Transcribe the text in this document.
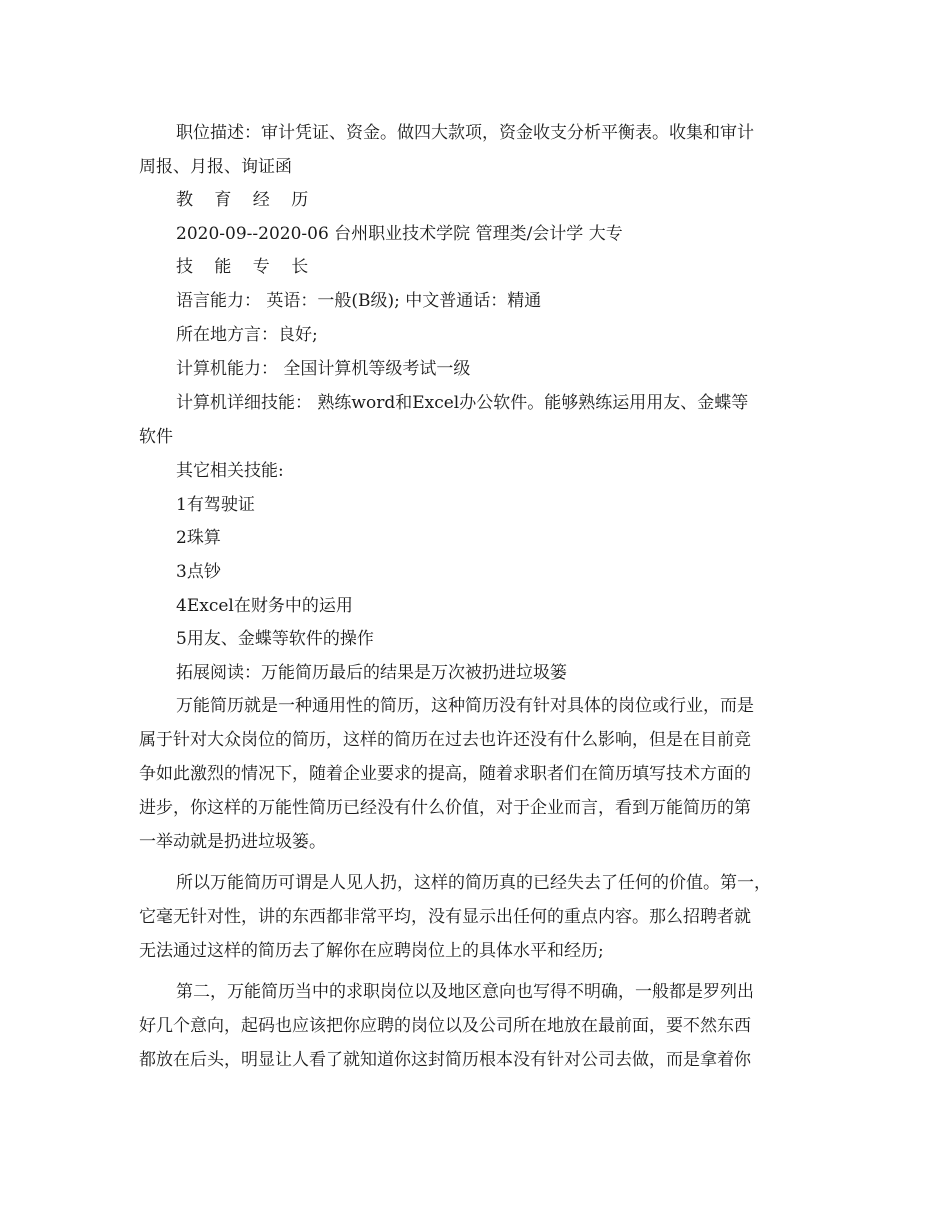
职位描述：审计凭证、资金。做四大款项，资金收支分析平衡表。收集和审计
周报、月报、询证函
教 育 经 历
2020-09--2020-06 台州职业技术学院 管理类/会计学 大专
技 能 专 长
语言能力： 英语：一般(B级); 中文普通话：精通
所在地方言：良好;
计算机能力： 全国计算机等级考试一级
计算机详细技能： 熟练word和Excel办公软件。能够熟练运用用友、金蝶等
软件
其它相关技能:
1有驾驶证
2珠算
3点钞
4Excel在财务中的运用
5用友、金蝶等软件的操作
拓展阅读：万能简历最后的结果是万次被扔进垃圾篓
万能简历就是一种通用性的简历，这种简历没有针对具体的岗位或行业，而是
属于针对大众岗位的简历，这样的简历在过去也许还没有什么影响，但是在目前竞
争如此激烈的情况下，随着企业要求的提高，随着求职者们在简历填写技术方面的
进步，你这样的万能性简历已经没有什么价值，对于企业而言，看到万能简历的第
一举动就是扔进垃圾篓。
所以万能简历可谓是人见人扔，这样的简历真的已经失去了任何的价值。第一，
它毫无针对性，讲的东西都非常平均，没有显示出任何的重点内容。那么招聘者就
无法通过这样的简历去了解你在应聘岗位上的具体水平和经历;
第二，万能简历当中的求职岗位以及地区意向也写得不明确，一般都是罗列出
好几个意向，起码也应该把你应聘的岗位以及公司所在地放在最前面，要不然东西
都放在后头，明显让人看了就知道你这封简历根本没有针对公司去做，而是拿着你
